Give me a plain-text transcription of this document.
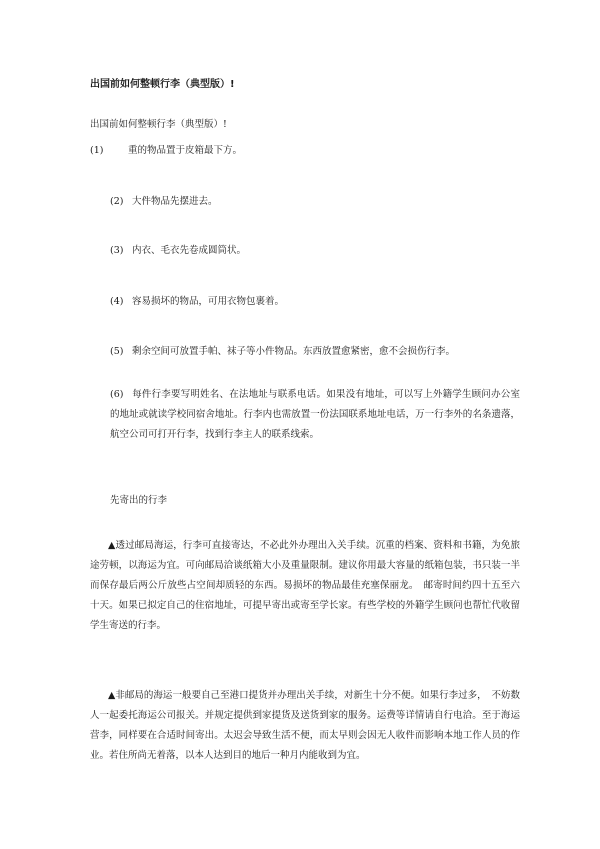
出国前如何整顿行李（典型版）!
出国前如何整顿行李（典型版）!
(1)	重的物品置于皮箱最下方。
(2) 大件物品先摆进去。
(3) 内衣、毛衣先卷成圆筒状。
(4) 容易损坏的物品，可用衣物包裹着。
(5) 剩余空间可放置手帕、袜子等小件物品。东西放置愈紧密，愈不会损伤行李。
(6) 每件行李要写明姓名、在法地址与联系电话。如果没有地址，可以写上外籍学生顾问办公室的地址或就读学校同宿舍地址。行李内也需放置一份法国联系地址电话，万一行李外的名条遗落，航空公司可打开行李，找到行李主人的联系线索。
先寄出的行李
▲透过邮局海运，行李可直接寄达，不必此外办理出入关手续。沉重的档案、资料和书籍，为免旅途劳顿，以海运为宜。可向邮局洽谈纸箱大小及重量限制。建议你用最大容量的纸箱包装，书只装一半而保存最后两公斤放些占空间却质轻的东西。易损坏的物品最佳充塞保丽龙。　邮寄时间约四十五至六十天。如果已拟定自己的住宿地址，可提早寄出或寄至学长家。有些学校的外籍学生顾问也帮忙代收留学生寄送的行李。
▲非邮局的海运一般要自己至港口提货并办理出关手续，对新生十分不便。如果行李过多，　不妨数人一起委托海运公司报关。并规定提供到家提货及送货到家的服务。运费等详情请自行电洽。至于海运营李，同样要在合适时间寄出。太迟会导致生活不便，而太早则会因无人收件而影响本地工作人员的作业。若住所尚无着落，以本人达到目的地后一种月内能收到为宜。
